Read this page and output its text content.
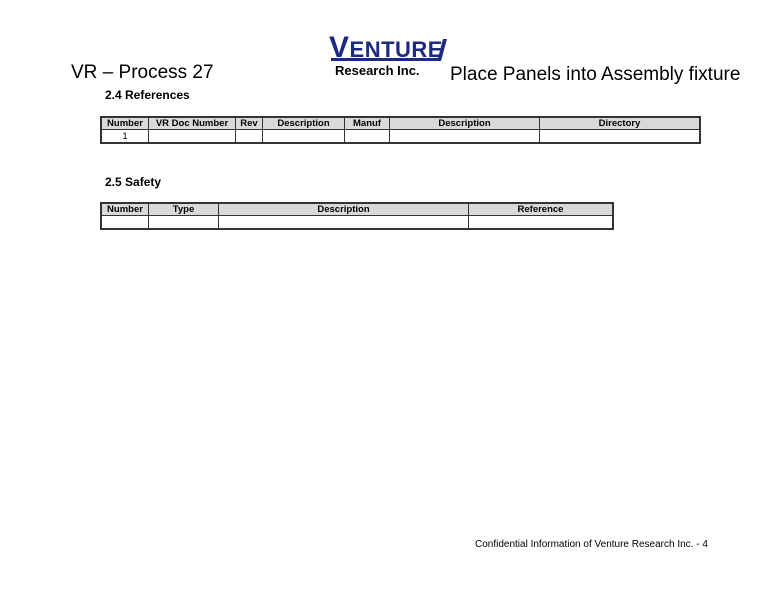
VR – Process 27
VENTURE
Research Inc. Place Panels into Assembly fixture
2.4 References
Number	VR Doc Number	Rev	Description	Manuf	Description	Directory
1						
2.5 Safety
Number	Type	Description	Reference

Confidential Information of Venture Research Inc. - 4
